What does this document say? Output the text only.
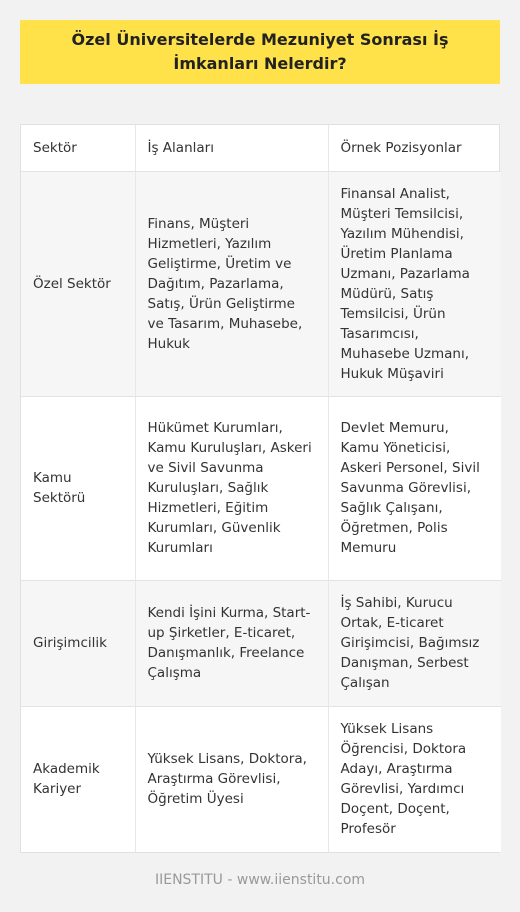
Özel Üniversitelerde Mezuniyet Sonrası İş İmkanları Nelerdir?
Sektör	İş Alanları	Örnek Pozisyonlar
Özel Sektör	Finans, Müşteri Hizmetleri, Yazılım Geliştirme, Üretim ve Dağıtım, Pazarlama, Satış, Ürün Geliştirme ve Tasarım, Muhasebe, Hukuk	Finansal Analist, Müşteri Temsilcisi, Yazılım Mühendisi, Üretim Planlama Uzmanı, Pazarlama Müdürü, Satış Temsilcisi, Ürün Tasarımcısı, Muhasebe Uzmanı, Hukuk Müşaviri
Kamu Sektörü	Hükümet Kurumları, Kamu Kuruluşları, Askeri ve Sivil Savunma Kuruluşları, Sağlık Hizmetleri, Eğitim Kurumları, Güvenlik Kurumları	Devlet Memuru, Kamu Yöneticisi, Askeri Personel, Sivil Savunma Görevlisi, Sağlık Çalışanı, Öğretmen, Polis Memuru
Girişimcilik	Kendi İşini Kurma, Start-up Şirketler, E-ticaret, Danışmanlık, Freelance Çalışma	İş Sahibi, Kurucu Ortak, E-ticaret Girişimcisi, Bağımsız Danışman, Serbest Çalışan
Akademik Kariyer	Yüksek Lisans, Doktora, Araştırma Görevlisi, Öğretim Üyesi	Yüksek Lisans Öğrencisi, Doktora Adayı, Araştırma Görevlisi, Yardımcı Doçent, Doçent, Profesör
IIENSTITU - www.iienstitu.com
